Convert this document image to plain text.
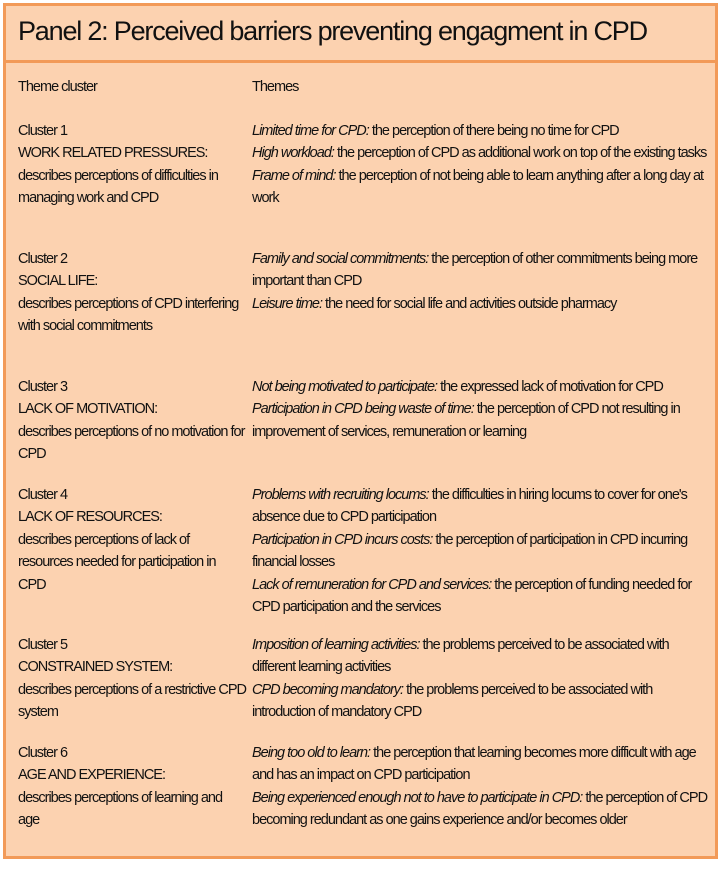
Panel 2: Perceived barriers preventing engagment in CPD
Theme cluster	Themes
Cluster 1
WORK RELATED PRESSURES:
describes perceptions of difficulties in managing work and CPD

Limited time for CPD: the perception of there being no time for CPD

High workload: the perception of CPD as additional work on top of the existing tasks

Frame of mind: the perception of not being able to learn anything after a long day at work

Cluster 2
SOCIAL LIFE:
describes perceptions of CPD interfering with social commitments

Family and social commitments: the perception of other commitments being more important than CPD

Leisure time: the need for social life and activities outside pharmacy

Cluster 3
LACK OF MOTIVATION:
describes perceptions of no motivation for CPD

Not being motivated to participate: the expressed lack of motivation for CPD

Participation in CPD being waste of time: the perception of CPD not resulting in improvement of services, remuneration or learning

Cluster 4
LACK OF RESOURCES:
describes perceptions of lack of resources needed for participation in CPD

Problems with recruiting locums: the difficulties in hiring locums to cover for one's absence due to CPD participation

Participation in CPD incurs costs: the perception of participation in CPD incurring financial losses

Lack of remuneration for CPD and services: the perception of funding needed for CPD participation and the services

Cluster 5
CONSTRAINED SYSTEM:
describes perceptions of a restrictive CPD system

Imposition of learning activities: the problems perceived to be associated with different learning activities

CPD becoming mandatory: the problems perceived to be associated with introduction of mandatory CPD

Cluster 6
AGE AND EXPERIENCE:
describes perceptions of learning and age

Being too old to learn: the perception that learning becomes more difficult with age and has an impact on CPD participation

Being experienced enough not to have to participate in CPD: the perception of CPD becoming redundant as one gains experience and/or becomes older
